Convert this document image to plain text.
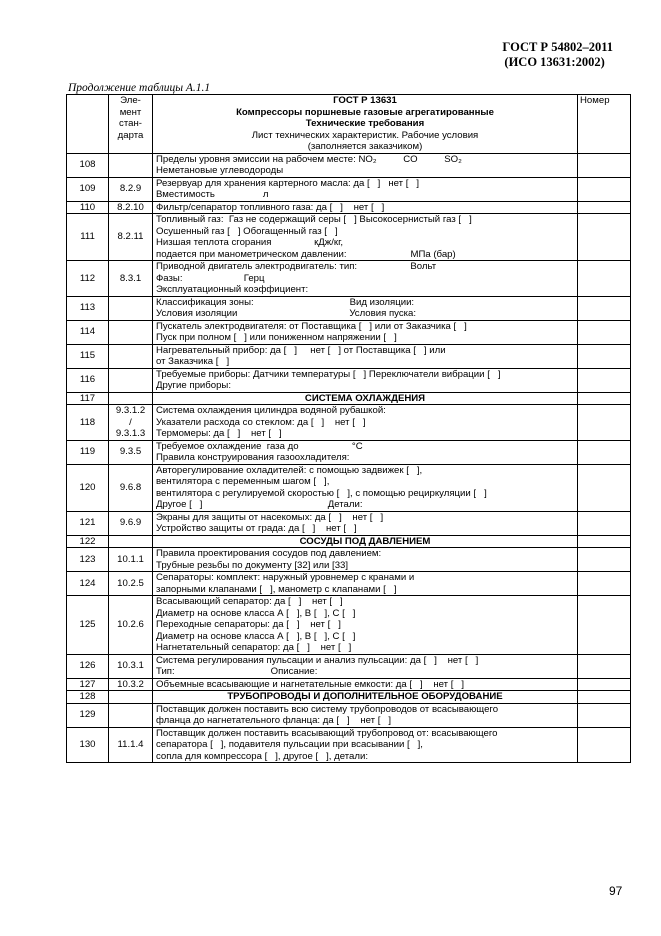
ГОСТ Р 54802–2011
(ИСО 13631:2002)
Продолжение таблицы А.1.1

	Эле-
мент
стан-
дарта	ГОСТ Р 13631
Компрессоры поршневые газовые агрегатированные
Технические требования
Лист технических характеристик. Рабочие условия
(заполняется заказчиком)	Номер
108		Пределы уровня эмиссии на рабочем месте: NO₂          CO          SO₂
Неметановые углеводороды	

109	8.2.9	Резервуар для хранения картерного масла: да [   ]   нет [   ]
Вместимость                  л	

110	8.2.10	Фильтр/сепаратор топливного газа: да [   ]    нет [   ]	

111	8.2.11	Топливный газ:  Газ не содержащий серы [   ] Высокосернистый газ [   ]
Осушенный газ [   ] Обогащенный газ [   ]
Низшая теплота сгорания                кДж/кг,
подается при манометрическом давлении:                        МПа (бар)	

112	8.3.1	Приводной двигатель электродвигатель: тип:                    Вольт
Фазы:                       Герц
Эксплуатационный коэффициент:	

113		Классификация зоны:                                    Вид изоляции:
Условия изоляции                                          Условия пуска:	

114		Пускатель электродвигателя: от Поставщика [   ] или от Заказчика [   ]
Пуск при полном [   ] или пониженном напряжении [   ]	

115		Нагревательный прибор: да [   ]     нет [   ] от Поставщика [   ] или
от Заказчика [   ]	

116		Требуемые приборы: Датчики температуры [   ] Переключатели вибрации [   ]
Другие приборы:	

117		СИСТЕМА ОХЛАЖДЕНИЯ	
118	9.3.1.2
/
9.3.1.3	Система охлаждения цилиндра водяной рубашкой:
Указатели расхода со стеклом: да [   ]    нет [   ]
Термомеры: да [   ]    нет [   ]	

119	9.3.5	Требуемое охлаждение  газа до                    °C
Правила конструирования газоохладителя:	

120	9.6.8	Авторегулирование охладителей: с помощью задвижек [   ],
вентилятора с переменным шагом [   ],
вентилятора с регулируемой скоростью [   ], с помощью рециркуляции [   ]
Другое [   ]                                               Детали:	

121	9.6.9	Экраны для защиты от насекомых: да [   ]    нет [   ]
Устройство защиты от града: да [   ]    нет [   ]	

122		СОСУДЫ ПОД ДАВЛЕНИЕМ	
123	10.1.1	Правила проектирования сосудов под давлением:
Трубные резьбы по документу [32] или [33]	

124	10.2.5	Сепараторы: комплект: наружный уровнемер с кранами и
запорными клапанами [   ], манометр с клапанами [   ]	

125	10.2.6	Всасывающий сепаратор: да [   ]    нет [   ]
Диаметр на основе класса А [   ], В [   ], С [   ]
Переходные сепараторы: да [   ]    нет [   ]
Диаметр на основе класса А [   ], В [   ], С [   ]
Нагнетательный сепаратор: да [   ]    нет [   ]	

126	10.3.1	Система регулирования пульсации и анализ пульсации: да [   ]    нет [   ]
Тип:                                    Описание:	

127	10.3.2	Объемные всасывающие и нагнетательные емкости: да [   ]    нет [   ]	

128		ТРУБОПРОВОДЫ И ДОПОЛНИТЕЛЬНОЕ ОБОРУДОВАНИЕ	
129		Поставщик должен поставить всю систему трубопроводов от всасывающего
фланца до нагнетательного фланца: да [   ]    нет [   ]	

130	11.1.4	Поставщик должен поставить всасывающий трубопровод от: всасывающего
сепаратора [   ], подавителя пульсации при всасывании [   ],
сопла для компрессора [   ], другое [   ], детали:	

97
